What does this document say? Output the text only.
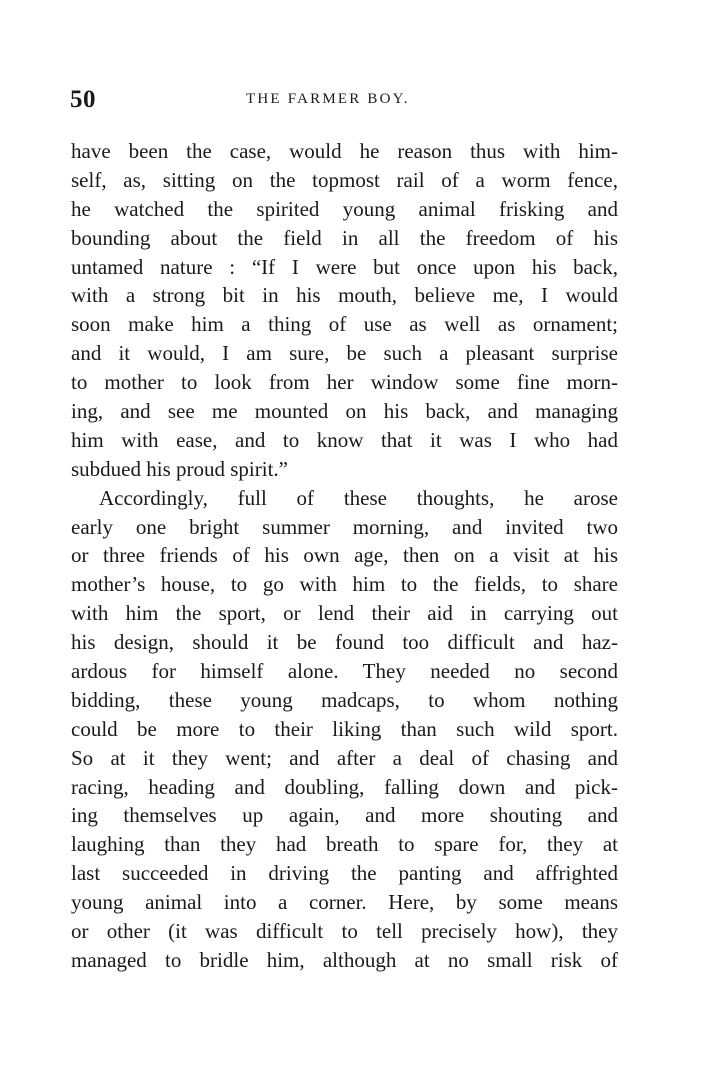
50	THE FARMER BOY.
have been the case, would he reason thus with him-
self, as, sitting on the topmost rail of a worm fence,
he watched the spirited young animal frisking and
bounding about the field in all the freedom of his
untamed nature : “If I were but once upon his back,
with a strong bit in his mouth, believe me, I would
soon make him a thing of use as well as ornament;
and it would, I am sure, be such a pleasant surprise
to mother to look from her window some fine morn-
ing, and see me mounted on his back, and managing
him with ease, and to know that it was I who had
subdued his proud spirit.”
Accordingly, full of these thoughts, he arose
early one bright summer morning, and invited two
or three friends of his own age, then on a visit at his
mother’s house, to go with him to the fields, to share
with him the sport, or lend their aid in carrying out
his design, should it be found too difficult and haz-
ardous for himself alone. They needed no second
bidding, these young madcaps, to whom nothing
could be more to their liking than such wild sport.
So at it they went; and after a deal of chasing and
racing, heading and doubling, falling down and pick-
ing themselves up again, and more shouting and
laughing than they had breath to spare for, they at
last succeeded in driving the panting and affrighted
young animal into a corner. Here, by some means
or other (it was difficult to tell precisely how), they
managed to bridle him, although at no small risk of
